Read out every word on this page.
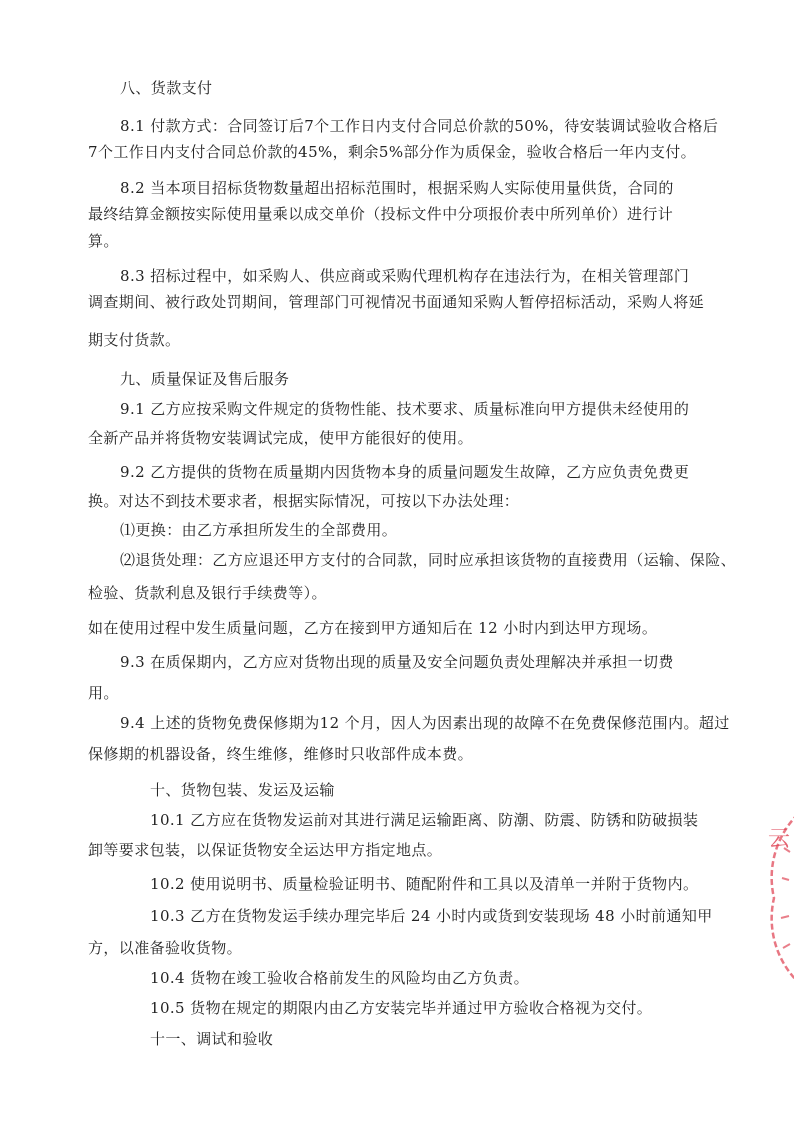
八、货款支付
8.1 付款方式：合同签订后7个工作日内支付合同总价款的50%，待安装调试验收合格后
7个工作日内支付合同总价款的45%，剩余5%部分作为质保金，验收合格后一年内支付。
8.2 当本项目招标货物数量超出招标范围时，根据采购人实际使用量供货，合同的
最终结算金额按实际使用量乘以成交单价（投标文件中分项报价表中所列单价）进行计
算。
8.3 招标过程中，如采购人、供应商或采购代理机构存在违法行为，在相关管理部门
调查期间、被行政处罚期间，管理部门可视情况书面通知采购人暂停招标活动，采购人将延
期支付货款。
九、质量保证及售后服务
9.1 乙方应按采购文件规定的货物性能、技术要求、质量标准向甲方提供未经使用的
全新产品并将货物安装调试完成，使甲方能很好的使用。
9.2 乙方提供的货物在质量期内因货物本身的质量问题发生故障，乙方应负责免费更
换。对达不到技术要求者，根据实际情况，可按以下办法处理：
⑴更换：由乙方承担所发生的全部费用。
⑵退货处理：乙方应退还甲方支付的合同款，同时应承担该货物的直接费用（运输、保险、
检验、货款利息及银行手续费等）。
如在使用过程中发生质量问题，乙方在接到甲方通知后在 12 小时内到达甲方现场。
9.3 在质保期内，乙方应对货物出现的质量及安全问题负责处理解决并承担一切费
用。
9.4 上述的货物免费保修期为12 个月，因人为因素出现的故障不在免费保修范围内。超过
保修期的机器设备，终生维修，维修时只收部件成本费。
十、货物包装、发运及运输
10.1 乙方应在货物发运前对其进行满足运输距离、防潮、防震、防锈和防破损装
卸等要求包装，以保证货物安全运达甲方指定地点。
10.2 使用说明书、质量检验证明书、随配附件和工具以及清单一并附于货物内。
10.3 乙方在货物发运手续办理完毕后 24 小时内或货到安装现场 48 小时前通知甲
方，以准备验收货物。
10.4 货物在竣工验收合格前发生的风险均由乙方负责。
10.5 货物在规定的期限内由乙方安装完毕并通过甲方验收合格视为交付。
十一、调试和验收
云
